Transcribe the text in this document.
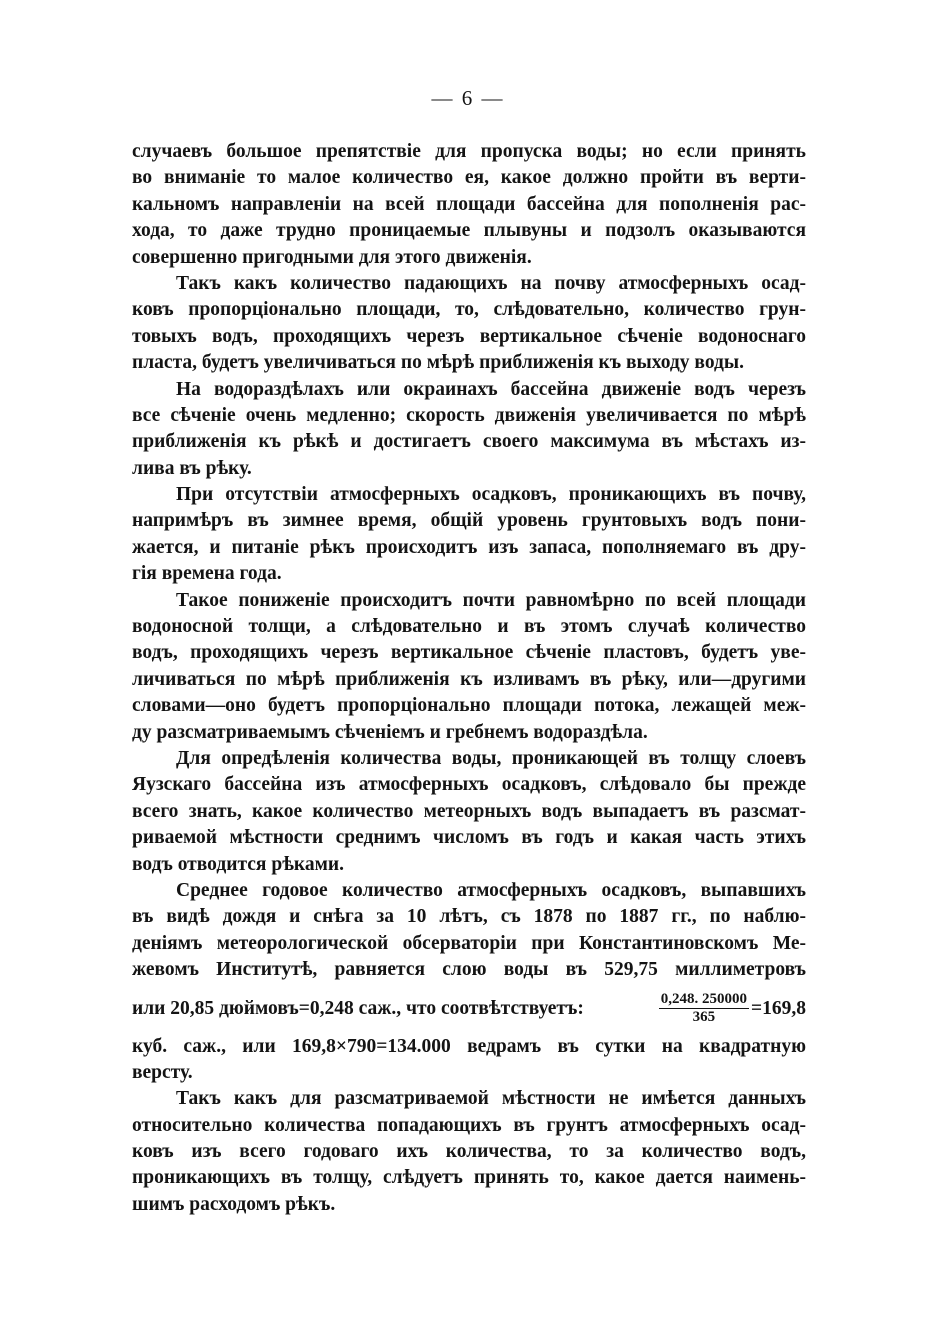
— 6 —
случаевъ большое препятствіе для пропуска воды; но если принять
во вниманіе то малое количество ея, какое должно пройти въ верти-
кальномъ направленіи на всей площади бассейна для пополненія рас-
хода, то даже трудно проницаемые плывуны и подзолъ оказываются
совершенно пригодными для этого движенія.
Такъ какъ количество падающихъ на почву атмосферныхъ осад-
ковъ пропорціонально площади, то, слѣдовательно, количество грун-
товыхъ водъ, проходящихъ черезъ вертикальное сѣченіе водоноснаго
пласта, будетъ увеличиваться по мѣрѣ приближенія къ выходу воды.
На водораздѣлахъ или окраинахъ бассейна движеніе водъ черезъ
все сѣченіе очень медленно; скорость движенія увеличивается по мѣрѣ
приближенія къ рѣкѣ и достигаетъ своего максимума въ мѣстахъ из-
лива въ рѣку.
При отсутствіи атмосферныхъ осадковъ, проникающихъ въ почву,
напримѣръ въ зимнее время, общій уровень грунтовыхъ водъ пони-
жается, и питаніе рѣкъ происходитъ изъ запаса, пополняемаго въ дру-
гія времена года.
Такое пониженіе происходитъ почти равномѣрно по всей площади
водоносной толщи, а слѣдовательно и въ этомъ случаѣ количество
водъ, проходящихъ черезъ вертикальное сѣченіе пластовъ, будетъ уве-
личиваться по мѣрѣ приближенія къ изливамъ въ рѣку, или—другими
словами—оно будетъ пропорціонально площади потока, лежащей меж-
ду разсматриваемымъ сѣченіемъ и гребнемъ водораздѣла.
Для опредѣленія количества воды, проникающей въ толщу слоевъ
Яузскаго бассейна изъ атмосферныхъ осадковъ, слѣдовало бы прежде
всего знать, какое количество метеорныхъ водъ выпадаетъ въ разсмат-
риваемой мѣстности среднимъ числомъ въ годъ и какая часть этихъ
водъ отводится рѣками.
Среднее годовое количество атмосферныхъ осадковъ, выпавшихъ
въ видѣ дождя и снѣга за 10 лѣтъ, съ 1878 по 1887 гг., по наблю-
деніямъ метеорологической обсерваторіи при Константиновскомъ Ме-
жевомъ Институтѣ, равняется слою воды въ 529,75 миллиметровъ
или 20,85 дюймовъ=0,248 саж., что соотвѣтствуетъ:	$\frac{0,248. 250000}{365} =169,8$
куб. саж., или 169,8×790=134.000 ведрамъ въ сутки на квадратную
версту.
Такъ какъ для разсматриваемой мѣстности не имѣется данныхъ
относительно количества попадающихъ въ грунтъ атмосферныхъ осад-
ковъ изъ всего годоваго ихъ количества, то за количество водъ,
проникающихъ въ толщу, слѣдуетъ принять то, какое дается наимень-
шимъ расходомъ рѣкъ.
